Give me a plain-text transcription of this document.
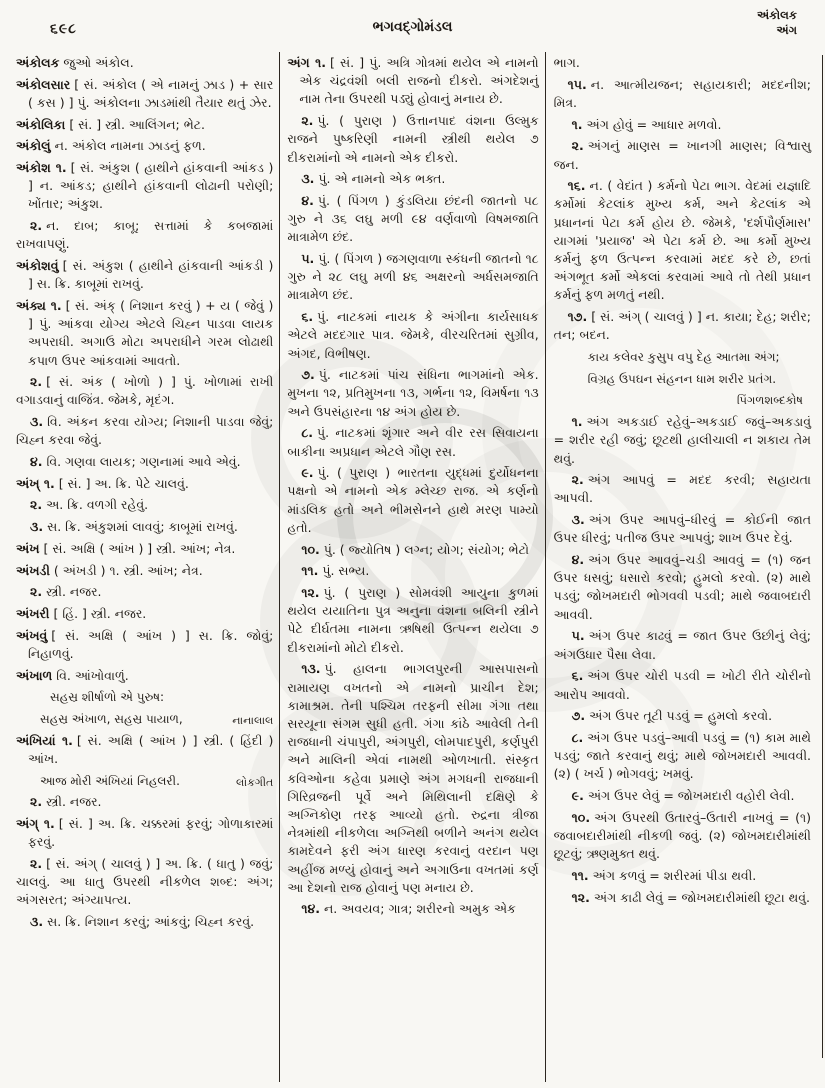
૬૯૮	ભગવદ્ગોમંડલ
અંકોલક
અંગ

અંકોલક જુઓ અંકોલ.

અંકોલસાર [ સં. અંકોલ ( એ નામનું ઝાડ ) + સાર ( કસ ) ] પું. અંકોલના ઝાડમાંથી તૈયાર થતું ઝેર.

અંકોલિકા [ સં. ] સ્ત્રી. આલિંગન; ભેટ.

અંકોલું ન. અંકોલ નામના ઝાડનું ફળ.

અંકોશ ૧. [ સં. અંકુશ ( હાથીને હાંકવાની આંકડ ) ] ન. આંકડ; હાથીને હાંકવાની લોઢાની પરોણી; ખોંતાર; અંકુશ.

૨. ન. દાબ; કાબૂ; સત્તામાં કે કબજામાં રાખવાપણું.

અંકોશવું [ સં. અંકુશ ( હાથીને હાંકવાની આંકડી ) ] સ. ક્રિ. કાબૂમાં રાખવું.

અંક્ય ૧. [ સં. અંક્ ( નિશાન કરવું ) + ય ( જેવું ) ] પું. આંકવા યોગ્ય એટલે ચિહ્ન પાડવા લાયક અપરાધી. અગાઉ મોટા અપરાધીને ગરમ લોઢાથી કપાળ ઉપર આંકવામાં આવતો.

૨. [ સં. અંક ( ખોળો ) ] પું. ખોળામાં રાખી વગાડવાનું વાજિંત્ર. જેમકે, મૃદંગ.

૩. વિ. અંકન કરવા યોગ્ય; નિશાની પાડવા જેવું; ચિહ્ન કરવા જેવું.

૪. વિ. ગણવા લાયક; ગણનામાં આવે એવું.

અંખ્ ૧. [ સં. ] અ. ક્રિ. પેટે ચાલવું.

૨. અ. ક્રિ. વળગી રહેવું.

૩. સ. ક્રિ. અંકુશમાં લાવવું; કાબૂમાં રાખવું.

અંખ [ સં. અક્ષિ ( આંખ ) ] સ્ત્રી. આંખ; નેત્ર.

અંખડી ( અંખડી ) ૧. સ્ત્રી. આંખ; નેત્ર.

૨. સ્ત્રી. નજર.

અંખરી [ હિં. ] સ્ત્રી. નજર.

અંખવું [ સં. અક્ષિ ( આંખ ) ] સ. ક્રિ. જોવું; નિહાળવું.

અંખાળ વિ. આંખોવાળું.

સહસ્ર શીર્ષાળો એ પુરુષ:

નાનાલાલ
સહસ્ર અંખાળ, સહસ્ર પાયાળ,

અંખિયાં ૧. [ સં. અક્ષિ ( આંખ ) ] સ્ત્રી. ( હિંદી ) આંખ.

લોકગીત
આજ મોરી અંખિયાં નિહલરી.

૨. સ્ત્રી. નજર.

અંગ્ ૧. [ સં. ] અ. ક્રિ. ચક્કરમાં ફરવું; ગોળાકારમાં ફરવું.

૨. [ સં. અંગ્ ( ચાલવું ) ] અ. ક્રિ. ( ધાતુ ) જવું; ચાલવું. આ ધાતુ ઉપરથી નીકળેલ શબ્દ: અંગ; અંગસરત; અંગ્યાપત્ય.

૩. સ. ક્રિ. નિશાન કરવું; આંકવું; ચિહ્ન કરવું.

અંગ ૧. [ સં. ] પું. અત્રિ ગોત્રમાં થયેલ એ નામનો એક ચંદ્રવંશી બલી રાજનો દીકરો. અંગદેશનું નામ તેના ઉપરથી પડ્યું હોવાનું મનાય છે.

૨. પું. ( પુરાણ ) ઉત્તાનપાદ વંશના ઉલ્મુક રાજને પુષ્કરિણી નામની સ્ત્રીથી થયેલ ૭ દીકરામાંનો એ નામનો એક દીકરો.

૩. પું. એ નામનો એક ભક્ત.

૪. પું. ( પિંગળ ) કુંડલિયા છંદની જાતનો ૫૮ ગુરુ ને ૩૬ લઘુ મળી ૯૪ વર્ણવાળો વિષમજાતિ માત્રામેળ છંદ.

૫. પું. ( પિંગળ ) જગણવાળા સ્કંધની જાતનો ૧૮ ગુરુ ને ૨૮ લઘુ મળી ૪૬ અક્ષરનો અર્ધસમજાતિ માત્રામેળ છંદ.

૬. પું. નાટકમાં નાયક કે અંગીના કાર્યસાધક એટલે મદદગાર પાત્ર. જેમકે, વીરચરિતમાં સુગ્રીવ, અંગદ, વિભીષણ.

૭. પું. નાટકમાં પાંચ સંધિના ભાગમાંનો એક. મુખના ૧૨, પ્રતિમુખના ૧૩, ગર્ભના ૧૨, વિમર્ષના ૧૩ અને ઉપસંહારના ૧૪ અંગ હોય છે.

૮. પું. નાટકમાં શૃંગાર અને વીર રસ સિવાયના બાકીના અપ્રધાન એટલે ગૌણ રસ.

૯. પું. ( પુરાણ ) ભારતના યુદ્ધમાં દુર્યોધનના પક્ષનો એ નામનો એક મ્લેચ્છ રાજ. એ કર્ણનો માંડલિક હતો અને ભીમસેનને હાથે મરણ પામ્યો હતો.

૧૦. પું. ( જ્યોતિષ ) લગ્ન; યોગ; સંયોગ; ભેટો

૧૧. પું. સભ્ય.

૧૨. પું. ( પુરાણ ) સોમવંશી આયુના કુળમાં થયેલ યયાતિના પુત્ર અનુના વંશના બલિની સ્ત્રીને પેટે દીર્ઘતમા નામના ઋષિથી ઉત્પન્ન થયેલા ૭ દીકરામાંનો મોટો દીકરો.

૧૩. પું. હાલના ભાગલપુરની આસપાસનો રામાયણ વખતનો એ નામનો પ્રાચીન દેશ; કામાશ્રમ. તેની પશ્ચિમ તરફની સીમા ગંગા તથા સરયૂના સંગમ સુધી હતી. ગંગા કાંઠે આવેલી તેની રાજધાની ચંપાપુરી, અંગપુરી, લોમપાદપુરી, કર્ણપુરી અને માલિની એવાં નામથી ઓળખાતી. સંસ્કૃત કવિઓના કહેવા પ્રમાણે અંગ મગધની રાજધાની ગિરિવ્રજની પૂર્વે અને મિથિલાની દક્ષિણે કે અગ્નિકોણ તરફ આવ્યો હતો. રુદ્રના ત્રીજા નેત્રમાંથી નીકળેલા અગ્નિથી બળીને અનંગ થયેલ કામદેવને ફરી અંગ ધારણ કરવાનું વરદાન પણ અહીંજ મળ્યું હોવાનું અને અગાઉના વખતમાં કર્ણ આ દેશનો રાજ હોવાનું પણ મનાય છે.

૧૪. ન. અવયવ; ગાત્ર; શરીરનો અમુક એક

ભાગ.

૧૫. ન. આત્મીયજન; સહાયકારી; મદદનીશ; મિત્ર.

૧. અંગ હોવું = આધાર મળવો.

૨. અંગનું માણસ = ખાનગી માણસ; વિશ્વાસુ જન.

૧૬. ન. ( વેદાંત ) કર્મનો પેટા ભાગ. વેદમાં યજ્ઞાદિ કર્મોમાં કેટલાંક મુખ્ય કર્મ, અને કેટલાંક એ પ્રધાનનાં પેટા કર્મ હોય છે. જેમકે, 'દર્શપૌર્ણમાસ' યાગમાં 'પ્રયાજ' એ પેટા કર્મ છે. આ કર્મો મુખ્ય કર્મનું ફળ ઉત્પન્ન કરવામાં મદદ કરે છે, છતાં અંગભૂત કર્મો એકલાં કરવામાં આવે તો તેથી પ્રધાન કર્મનું ફળ મળતું નથી.

૧૭. [ સં. અંગ્ ( ચાલવું ) ] ન. કાયા; દેહ; શરીર; તન; બદન.

કાય કલેવર કુસુપ વપુ દેહ આતમા અંગ;

વિગ્રહ ઉપઘન સંહનન ધામ શરીર પ્રતંગ.

પિંગળશબ્દકોષ

૧. અંગ અકડાઈ રહેવું–અકડાઈ જવું–અકડાવું = શરીર રહી જવું; છૂટથી હાલીચાલી ન શકાય તેમ થવું.

૨. અંગ આપવું = મદદ કરવી; સહાયતા આપવી.

૩. અંગ ઉપર આપવું–ધીરવું = કોઈની જાત ઉપર ધીરવું; પતીજ ઉપર આપવું; શાખ ઉપર દેવું.

૪. અંગ ઉપર આવવું–ચડી આવવું = (૧) જન ઉપર ધસવું; ધસારો કરવો; હુમલો કરવો. (૨) માથે પડવું; જોખમદારી ભોગવવી પડવી; માથે જવાબદારી આવવી.

૫. અંગ ઉપર કાઢવું = જાત ઉપર ઉછીનું લેવું; અંગઉધાર પૈસા લેવા.

૬. અંગ ઉપર ચોરી પડવી = ખોટી રીતે ચોરીનો આરોપ આવવો.

૭. અંગ ઉપર તૂટી પડવું = હુમલો કરવો.

૮. અંગ ઉપર પડવું–આવી પડવું = (૧) કામ માથે પડવું; જાતે કરવાનું થવું; માથે જોખમદારી આવવી. (૨) ( ખર્ચ ) ભોગવવું; ખમવું.

૯. અંગ ઉપર લેવું = જોખમદારી વહોરી લેવી.

૧૦. અંગ ઉપરથી ઉતારવું–ઉતારી નાખવું = (૧) જવાબદારીમાંથી નીકળી જવું. (૨) જોખમદારીમાંથી છૂટવું; ઋણમુક્ત થવું.

૧૧. અંગ કળવું = શરીરમાં પીડા થવી.

૧૨. અંગ કાઢી લેવું = જોખમદારીમાંથી છૂટા થવું.
